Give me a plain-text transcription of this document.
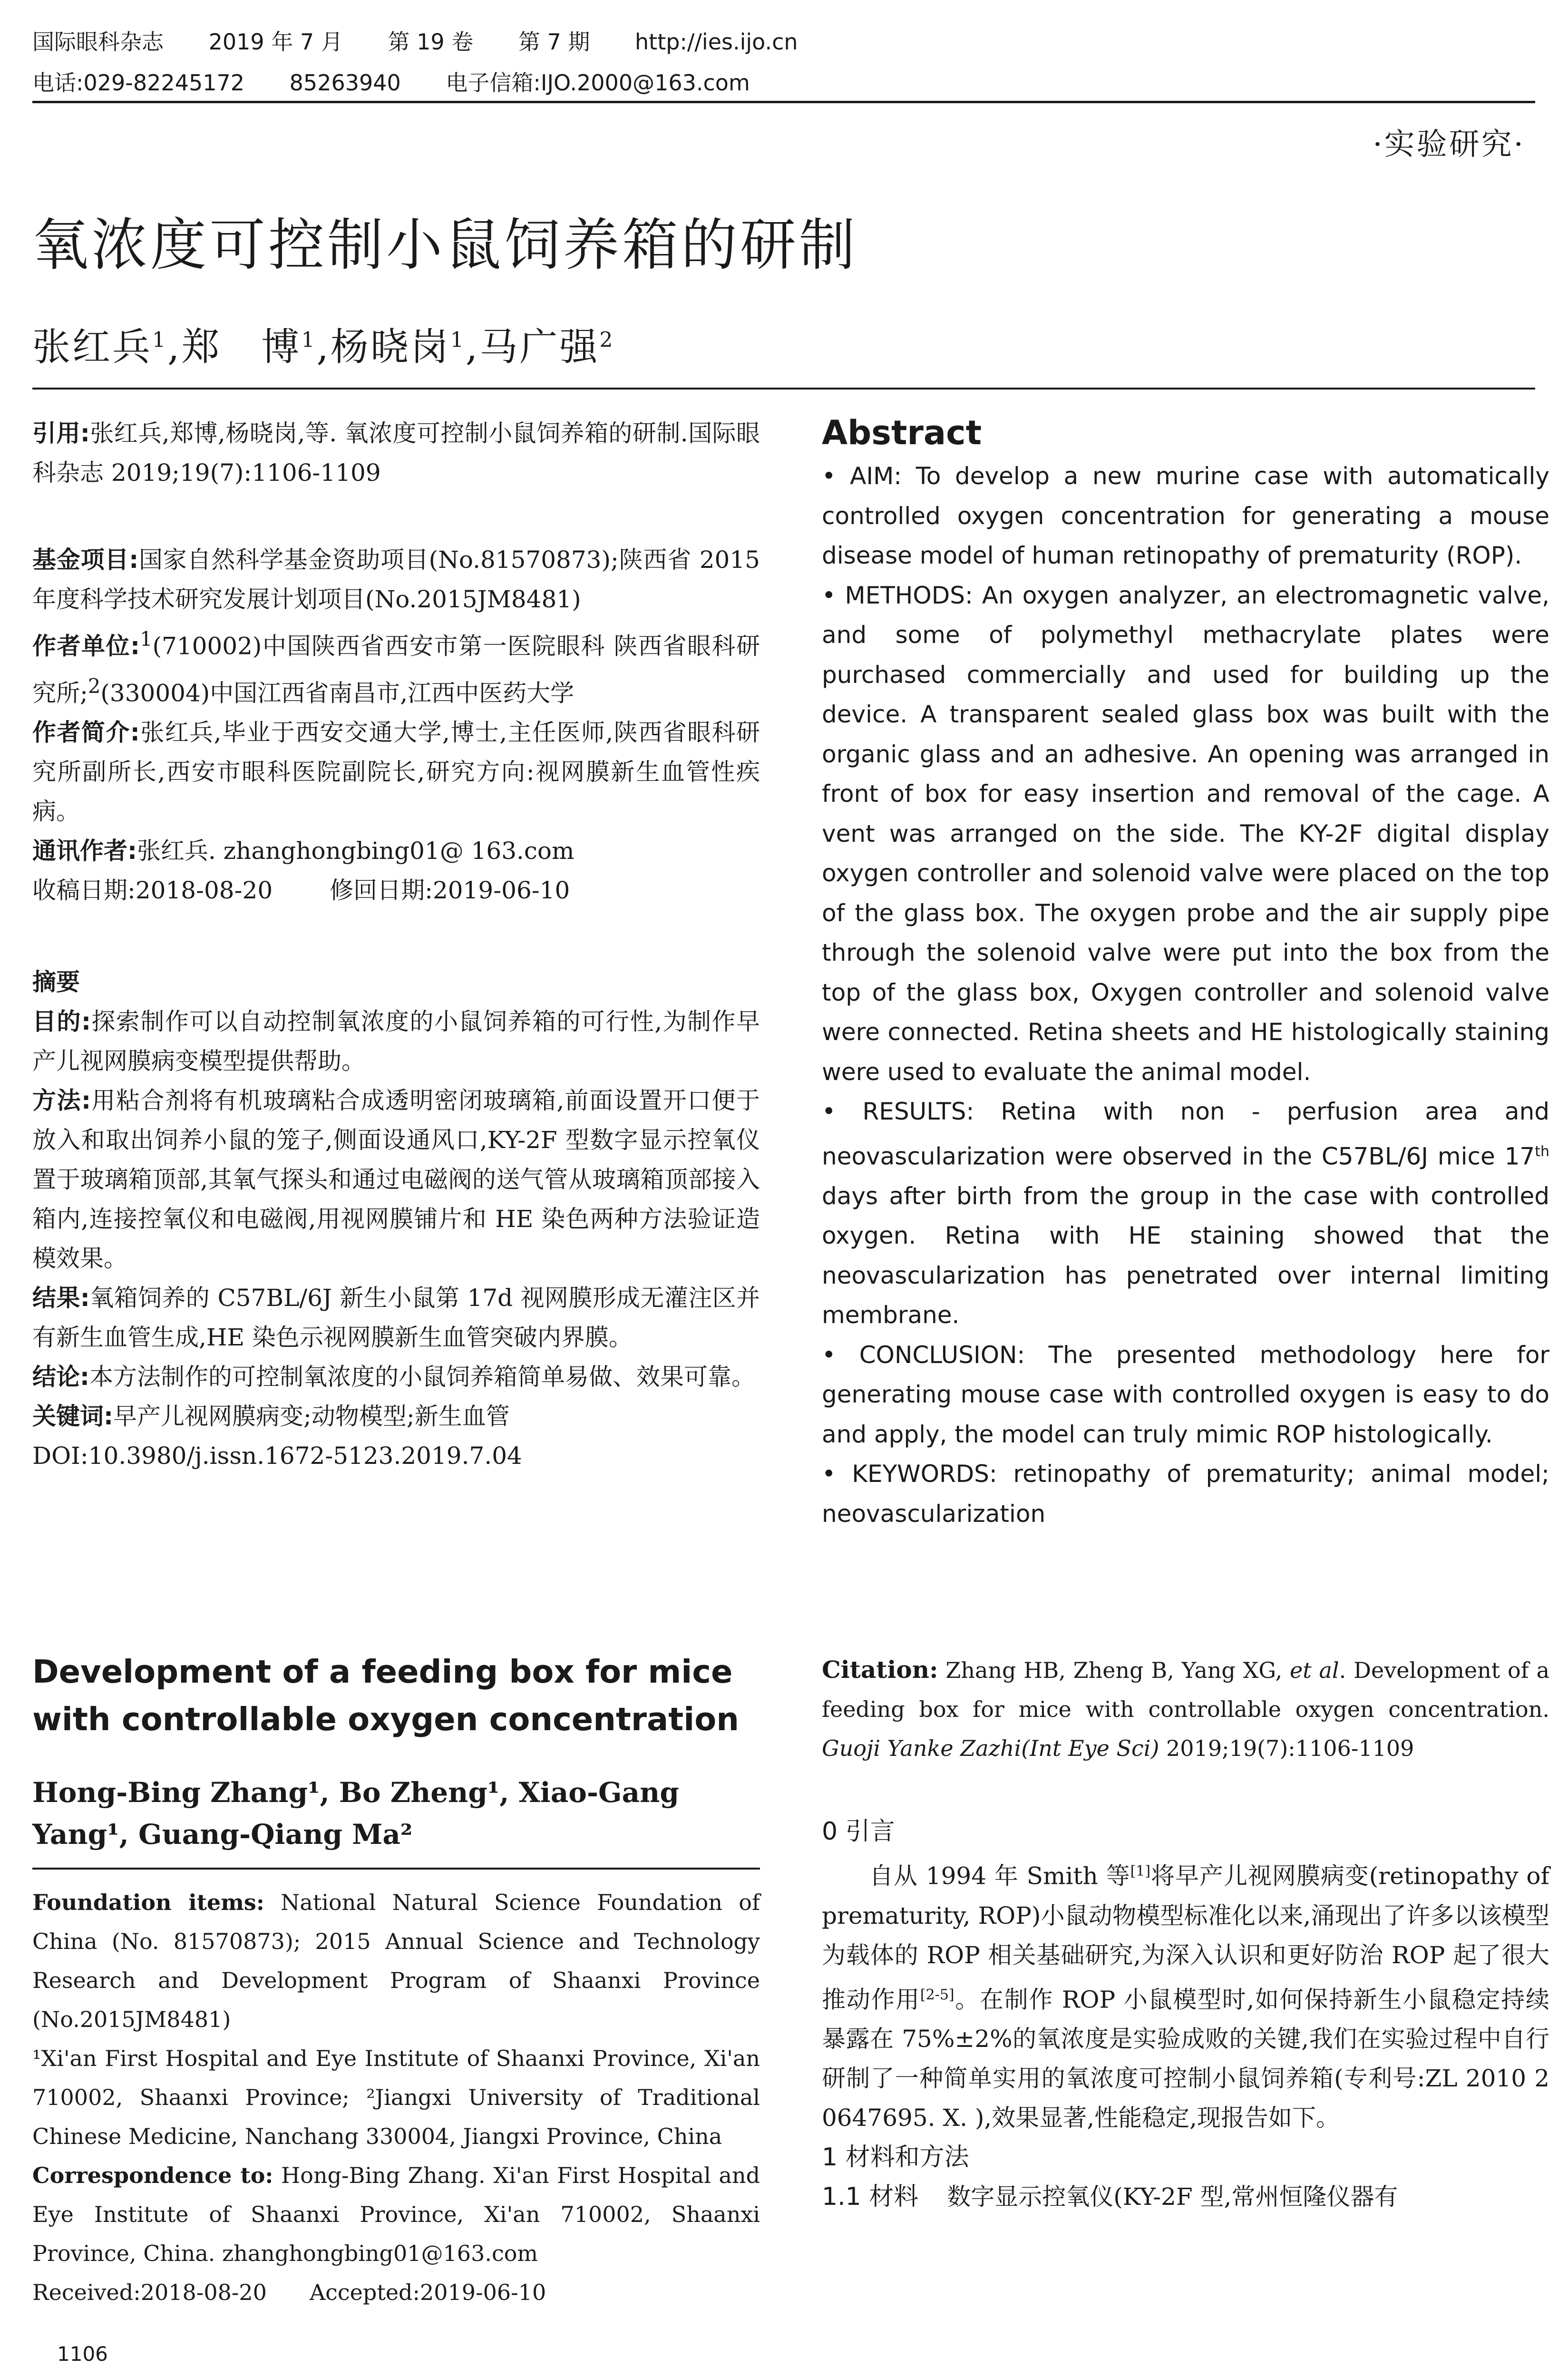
国际眼科杂志 2019 年 7 月 第 19 卷 第 7 期 http://ies.ijo.cn
电话:029-82245172 85263940 电子信箱:IJO.2000@163.com
·实验研究·
氧浓度可控制小鼠饲养箱的研制
张红兵$^1$,郑　博$^1$,杨晓岗$^1$,马广强$^2$

引用:张红兵,郑博,杨晓岗,等. 氧浓度可控制小鼠饲养箱的研制.国际眼科杂志 2019;19(7):1106-1109

基金项目:国家自然科学基金资助项目(No.81570873);陕西省 2015 年度科学技术研究发展计划项目(No.2015JM8481)

作者单位:$^1$(710002)中国陕西省西安市第一医院眼科 陕西省眼科研究所;$^2$(330004)中国江西省南昌市,江西中医药大学

作者简介:张红兵,毕业于西安交通大学,博士,主任医师,陕西省眼科研究所副所长,西安市眼科医院副院长,研究方向:视网膜新生血管性疾病。

通讯作者:张红兵. zhanghongbing01@ 163.com

收稿日期:2018-08-20 修回日期:2019-06-10

摘要

目的:探索制作可以自动控制氧浓度的小鼠饲养箱的可行性,为制作早产儿视网膜病变模型提供帮助。

方法:用粘合剂将有机玻璃粘合成透明密闭玻璃箱,前面设置开口便于放入和取出饲养小鼠的笼子,侧面设通风口,KY-2F 型数字显示控氧仪置于玻璃箱顶部,其氧气探头和通过电磁阀的送气管从玻璃箱顶部接入箱内,连接控氧仪和电磁阀,用视网膜铺片和 HE 染色两种方法验证造模效果。

结果:氧箱饲养的 C57BL/6J 新生小鼠第 17d 视网膜形成无灌注区并有新生血管生成,HE 染色示视网膜新生血管突破内界膜。

结论:本方法制作的可控制氧浓度的小鼠饲养箱简单易做、效果可靠。

关键词:早产儿视网膜病变;动物模型;新生血管

DOI:10.3980/j.issn.1672-5123.2019.7.04

Development of a feeding box for mice with controllable oxygen concentration
Hong-Bing Zhang¹, Bo Zheng¹, Xiao-Gang Yang¹, Guang-Qiang Ma²
Foundation items: National Natural Science Foundation of China (No. 81570873); 2015 Annual Science and Technology Research and Development Program of Shaanxi Province (No.2015JM8481)
¹Xi'an First Hospital and Eye Institute of Shaanxi Province, Xi'an 710002, Shaanxi Province; ²Jiangxi University of Traditional Chinese Medicine, Nanchang 330004, Jiangxi Province, China
Correspondence to: Hong-Bing Zhang. Xi'an First Hospital and Eye Institute of Shaanxi Province, Xi'an 710002, Shaanxi Province, China. zhanghongbing01@163.com
Received:2018-08-20 Accepted:2019-06-10
Abstract
• AIM: To develop a new murine case with automatically controlled oxygen concentration for generating a mouse disease model of human retinopathy of prematurity (ROP).
• METHODS: An oxygen analyzer, an electromagnetic valve, and some of polymethyl methacrylate plates were purchased commercially and used for building up the device. A transparent sealed glass box was built with the organic glass and an adhesive. An opening was arranged in front of box for easy insertion and removal of the cage. A vent was arranged on the side. The KY-2F digital display oxygen controller and solenoid valve were placed on the top of the glass box. The oxygen probe and the air supply pipe through the solenoid valve were put into the box from the top of the glass box, Oxygen controller and solenoid valve were connected. Retina sheets and HE histologically staining were used to evaluate the animal model.
• RESULTS: Retina with non - perfusion area and neovascularization were observed in the C57BL/6J mice 17th days after birth from the group in the case with controlled oxygen. Retina with HE staining showed that the neovascularization has penetrated over internal limiting membrane.
• CONCLUSION: The presented methodology here for generating mouse case with controlled oxygen is easy to do and apply, the model can truly mimic ROP histologically.
• KEYWORDS: retinopathy of prematurity; animal model; neovascularization
Citation: Zhang HB, Zheng B, Yang XG, et al. Development of a feeding box for mice with controllable oxygen concentration. Guoji Yanke Zazhi(Int Eye Sci) 2019;19(7):1106-1109

0 引言

自从 1994 年 Smith 等[1]将早产儿视网膜病变(retinopathy of prematurity, ROP)小鼠动物模型标准化以来,涌现出了许多以该模型为载体的 ROP 相关基础研究,为深入认识和更好防治 ROP 起了很大推动作用[2-5]。在制作 ROP 小鼠模型时,如何保持新生小鼠稳定持续暴露在 75%±2%的氧浓度是实验成败的关键,我们在实验过程中自行研制了一种简单实用的氧浓度可控制小鼠饲养箱(专利号:ZL 2010 2 0647695. X. ),效果显著,性能稳定,现报告如下。

1 材料和方法

1.1 材料 数字显示控氧仪(KY-2F 型,常州恒隆仪器有

1106
